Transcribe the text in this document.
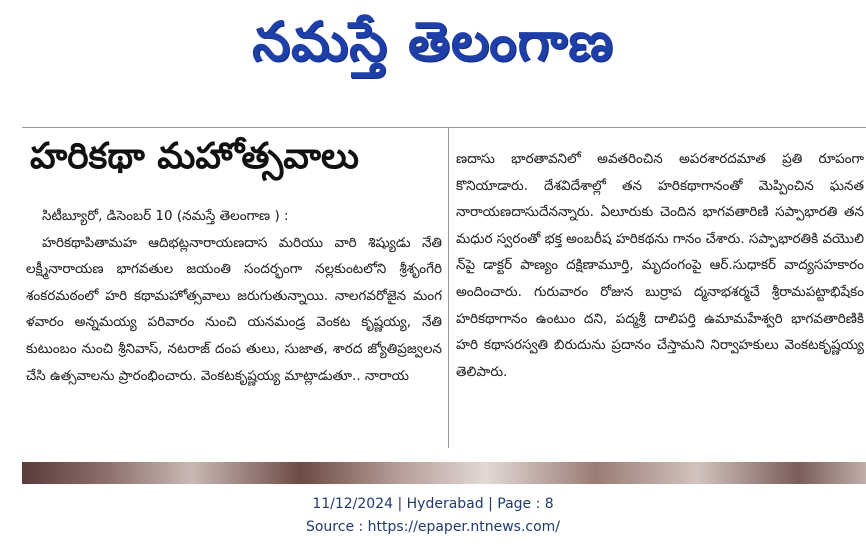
నమస్తే తెలంగాణ
హరికథా మహోత్సవాలు
సిటీబ్యూరో, డిసెంబర్ 10 (నమస్తే తెలంగాణ ) :

హరికథాపితామహ ఆదిభట్లనారాయణదాస మరియు వారి శిష్యుడు నేతి లక్ష్మీనారాయణ భాగవతుల జయంతి సందర్భంగా నల్లకుంటలోని శ్రీశృంగేరి శంకరమఠంలో హరి కథామహోత్సవాలు జరుగుతున్నాయి. నాలగవరోజైన మంగ ళవారం అన్నమయ్య పరివారం నుంచి యనమండ్ర వెంకట కృష్ణయ్య, నేతి కుటుంబం నుంచి శ్రీనివాస్, నటరాజ్ దంప తులు, సుజాత, శారద జ్యోతిప్రజ్వలన చేసి ఉత్సవాలను ప్రారంభించారు. వెంకటకృష్ణయ్య మాట్లాడుతూ.. నారాయ

ణదాసు భారతావనిలో అవతరించిన అపరశారదమాత ప్రతి రూపంగా కొనియాడారు. దేశవిదేశాల్లో తన హరికథాగానంతో మెప్పించిన ఘనత నారాయణదాసుదేనన్నారు. ఏలూరుకు చెందిన భాగవతారిణి సప్పాభారతి తన మధుర స్వరంతో భక్త అంబరీష హరికథను గానం చేశారు. సప్పాభారతికి వయొలి న్‌పై డాక్టర్ పాణ్యం దక్షిణామూర్తి, మృదంగంపై ఆర్.సుధాకర్ వాద్యసహకారం అందించారు. గురువారం రోజున బుర్రాప ద్మనాభశర్మచే శ్రీరామపట్టాభిషేకం హరికథాగానం ఉంటుం దని, పద్మశ్రీ దాలిపర్తి ఉమామహేశ్వరి భాగవతారిణికి హరి కథాసరస్వతి బిరుదును ప్రదానం చేస్తామని నిర్వాహకులు వెంకటకృష్ణయ్య తెలిపారు.

11/12/2024 | Hyderabad | Page : 8
Source : https://epaper.ntnews.com/
